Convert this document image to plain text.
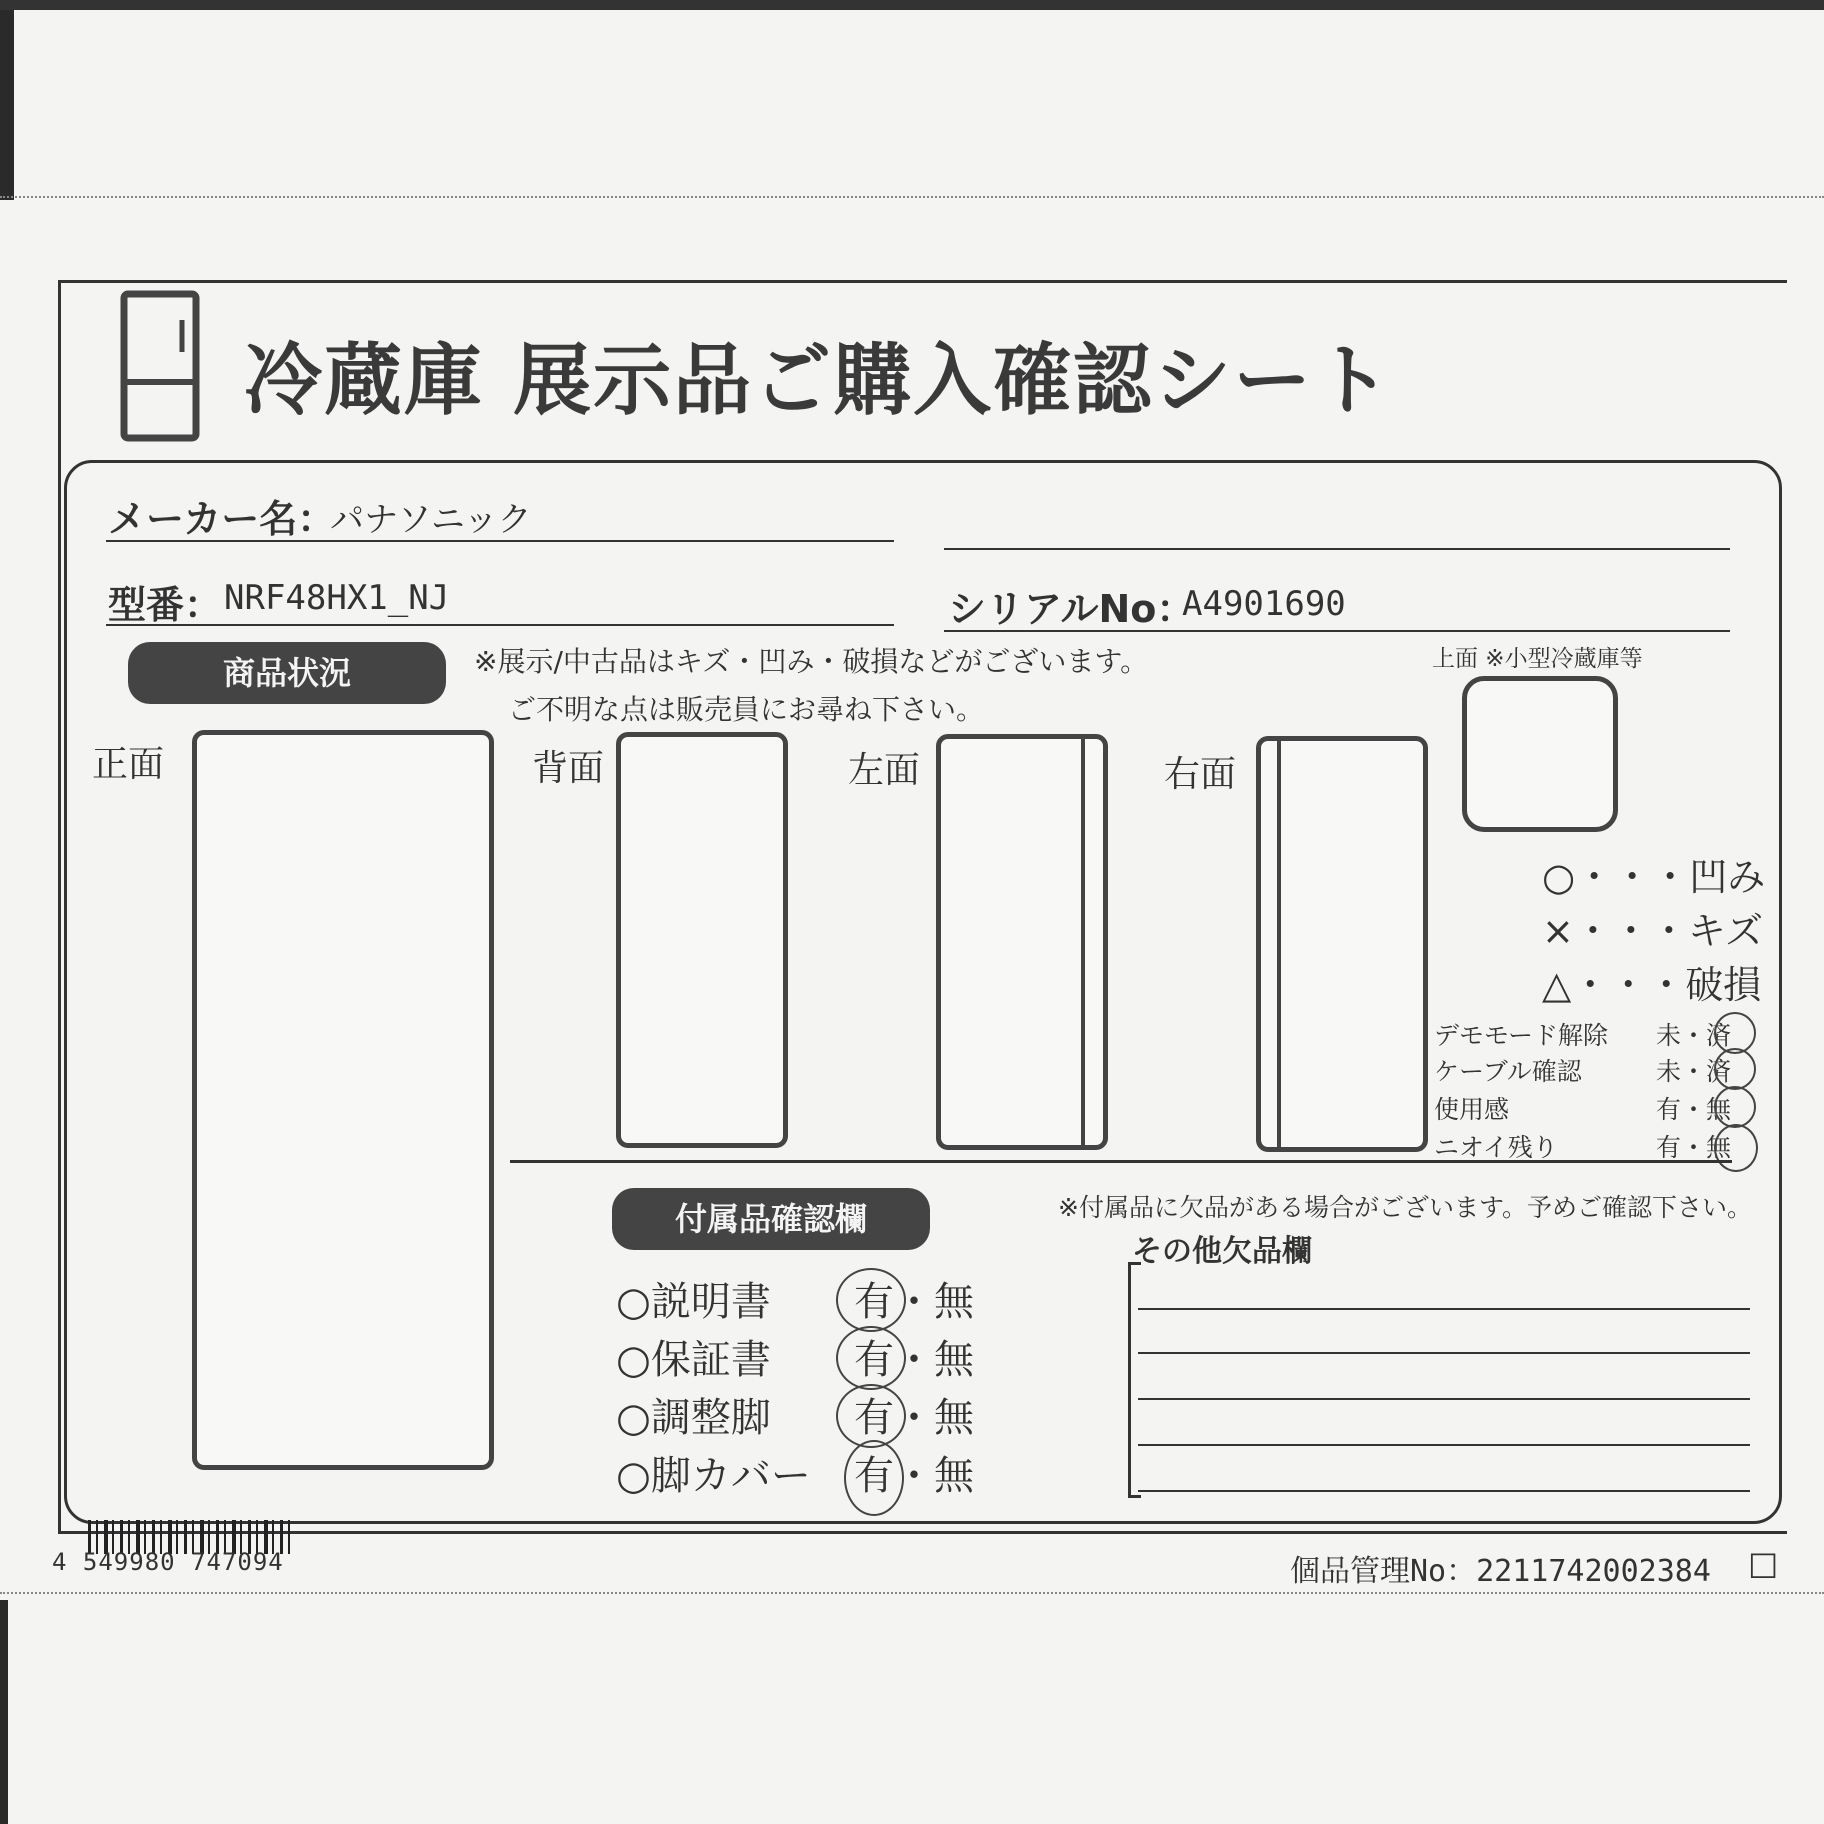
冷蔵庫 展示品ご購入確認シート
メーカー名：
パナソニック
型番： NRF48HX1_NJ	シリアルNo：
A4901690
商品状況	※展示/中古品はキズ・凹み・破損などがございます。
ご不明な点は販売員にお尋ね下さい。
正面	背面	左面	右面
上面 ※小型冷蔵庫等
○・・・凹み
×・・・キズ
△・・・破損
デモモード解除 未・済
ケーブル確認	未・済
使用感	有・無
ニオイ残り	有・無
付属品確認欄	※付属品に欠品がある場合がございます。予めご確認下さい。
その他欠品欄
○説明書 有・無
○保証書 有・無
○調整脚 有・無
○脚カバー 有・無
4 549980 747094	個品管理No：2211742002384 □
